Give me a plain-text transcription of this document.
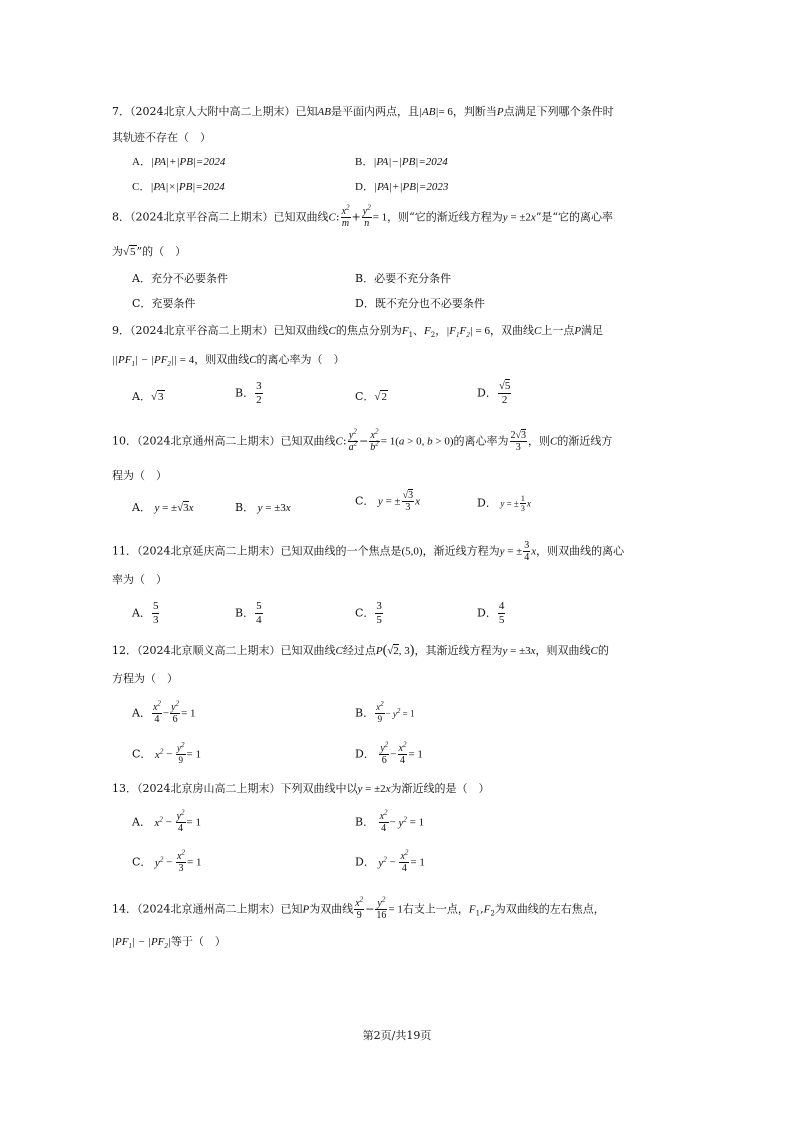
7．（2024北京人大附中高二上期末）已知AB是平面内两点，且|AB|= 6，判断当P点满足下列哪个条件时
其轨迹不存在（　）
A．|PA|+|PB|=2024	B．|PA|−|PB|=2024
C．|PA|×|PB|=2024	D．|PA|+|PB|=2023
8．（2024北京平谷高二上期末）已知双曲线C: $\frac{x^2}{m} + \frac{y^2}{n} = 1$，则“它的渐近线方程为y = ±2x”是“它的离心率
为√5”的（　）
A．充分不必要条件	B．必要不充分条件
C．充要条件	D．既不充分也不必要条件
9．（2024北京平谷高二上期末）已知双曲线C的焦点分别为$F_1$、$F_2$，$|F_1F_2| = 6$，双曲线C上一点P满足
$||PF_1| - |PF_2|| = 4$，则双曲线C的离心率为（　）
A．√3	B． $\frac{3}{2}$	C．√2	D． $\frac{√5}{2}$
10．（2024北京通州高二上期末）已知双曲线C: $\frac{y^2}{a^2} - \frac{x^2}{b^2} = 1(a > 0$, b > 0)的离心率为 $\frac{2√3}{3}$ ，则C的渐近线方
程为（　）
A． y = ±√3x	B． y = ±3x
C． y = ± $\frac{√3}{3}$ x	D． y = ± $\frac{1}{3}$ x
11．（2024北京延庆高二上期末）已知双曲线的一个焦点是(5,0)，渐近线方程为y = ± $\frac{3}{4}$ x，则双曲线的离心
率为（　）
A． $\frac{5}{3}$	B． $\frac{5}{4}$	C． $\frac{3}{5}$	D． $\frac{4}{5}$
12．（2024北京顺义高二上期末）已知双曲线C经过点P(√2, 3)，其渐近线方程为y = ±3x，则双曲线C的
方程为（　）
A． $\frac{x^2}{4} - \frac{y^2}{6} = 1$	B． $\frac{x^2}{9} - y^2 = 1$
C． $x^2 - \frac{y^2}{9} = 1$	D． $\frac{y^2}{6} - \frac{x^2}{4} = 1$
13．（2024北京房山高二上期末）下列双曲线中以y = ±2x为渐近线的是（　）
A． $x^2 - \frac{y^2}{4} = 1$	B． $\frac{x^2}{4} - y^2 = 1$
C． $y^2 - \frac{x^2}{3} = 1$	D． $y^2 - \frac{x^2}{4} = 1$
14．（2024北京通州高二上期末）已知P为双曲线 $\frac{x^2}{9} - \frac{y^2}{16} = 1$右支上一点，$F_1,F_2$为双曲线的左右焦点，
$|PF_1| - |PF_2|$等于（　）
第2页/共19页
